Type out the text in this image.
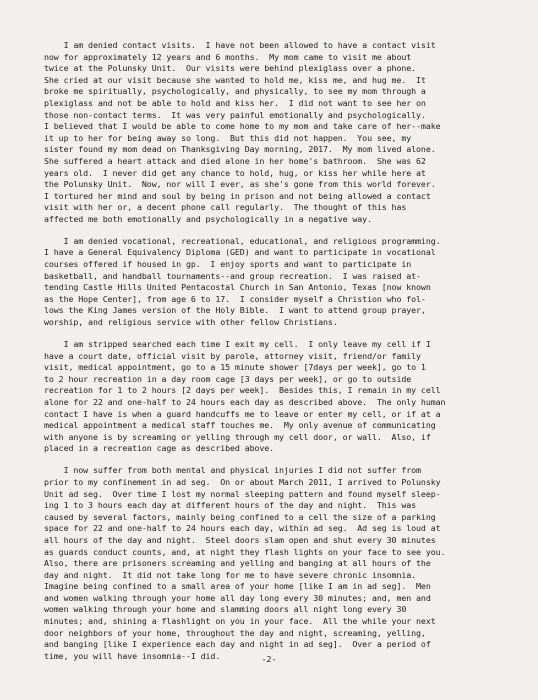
I am denied contact visits.  I have not been allowed to have a contact visit
now for approximately 12 years and 6 months.  My mom came to visit me about
twice at the Polunsky Unit.  Our visits were behind plexiglass over a phone.
She cried at our visit because she wanted to hold me, kiss me, and hug me.  It
broke me spiritually, psychologically, and physically, to see my mom through a
plexiglass and not be able to hold and kiss her.  I did not want to see her on
those non-contact terms.  It was very painful emotionally and psychologically.
I believed that I would be able to come home to my mom and take care of her--make
it up to her for being away so long.  But this did not happen.  You see, my
sister found my mom dead on Thanksgiving Day morning, 2017.  My mom lived alone.
She suffered a heart attack and died alone in her home's bathroom.  She was 62
years old.  I never did get any chance to hold, hug, or kiss her while here at
the Polunsky Unit.  Now, nor will I ever, as she's gone from this world forever.
I tortured her mind and soul by being in prison and not being allowed a contact
visit with her or, a decent phone call regularly.  The thought of this has
affected me both emotionally and psychologically in a negative way.
I am denied vocational, recreational, educational, and religious programming.
I have a General Equivalency Diploma (GED) and want to participate in vocational
courses offered if housed in gp.  I enjoy sports and want to participate in
basketball, and handball tournaments--and group recreation.  I was raised at-
tending Castle Hills United Pentacostal Church in San Antonio, Texas [now known
as the Hope Center], from age 6 to 17.  I consider myself a Christion who fol-
lows the King James version of the Holy Bible.  I want to attend group prayer,
worship, and religious service with other fellow Christians.
I am stripped searched each time I exit my cell.  I only leave my cell if I
have a court date, official visit by parole, attorney visit, friend/or family
visit, medical appointment, go to a 15 minute shower [7days per week], go to 1
to 2 hour recreation in a day room cage [3 days per week], or go to outside
recreation for 1 to 2 hours [2 days per week].  Besides this, I remain in my cell
alone for 22 and one-half to 24 hours each day as described above.  The only human
contact I have is when a guard handcuffs me to leave or enter my cell, or if at a
medical appointment a medical staff touches me.  My only avenue of communicating
with anyone is by screaming or yelling through my cell door, or wall.  Also, if
placed in a recreation cage as described above.
I now suffer from both mental and physical injuries I did not suffer from
prior to my confinement in ad seg.  On or about March 2011, I arrived to Polunsky
Unit ad seg.  Over time I lost my normal sleeping pattern and found myself sleep-
ing 1 to 3 hours each day at different hours of the day and night.  This was
caused by several factors, mainly being confined to a cell the size of a parking
space for 22 and one-half to 24 hours each day, within ad seg.  Ad seg is loud at
all hours of the day and night.  Steel doors slam open and shut every 30 minutes
as guards conduct counts, and, at night they flash lights on your face to see you.
Also, there are prisoners screaming and yelling and banging at all hours of the
day and night.  It did not take long for me to have severe chronic insomnia.
Imagine being confined to a small area of your home [like I am in ad seg].  Men
and women walking through your home all day long every 30 minutes; and, men and
women walking through your home and slamming doors all night long every 30
minutes; and, shining a flashlight on you in your face.  All the while your next
door neighbors of your home, throughout the day and night, screaming, yelling,
and banging [like I experience each day and night in ad seg].  Over a period of
time, you will have insomnia--I did.	-2-
